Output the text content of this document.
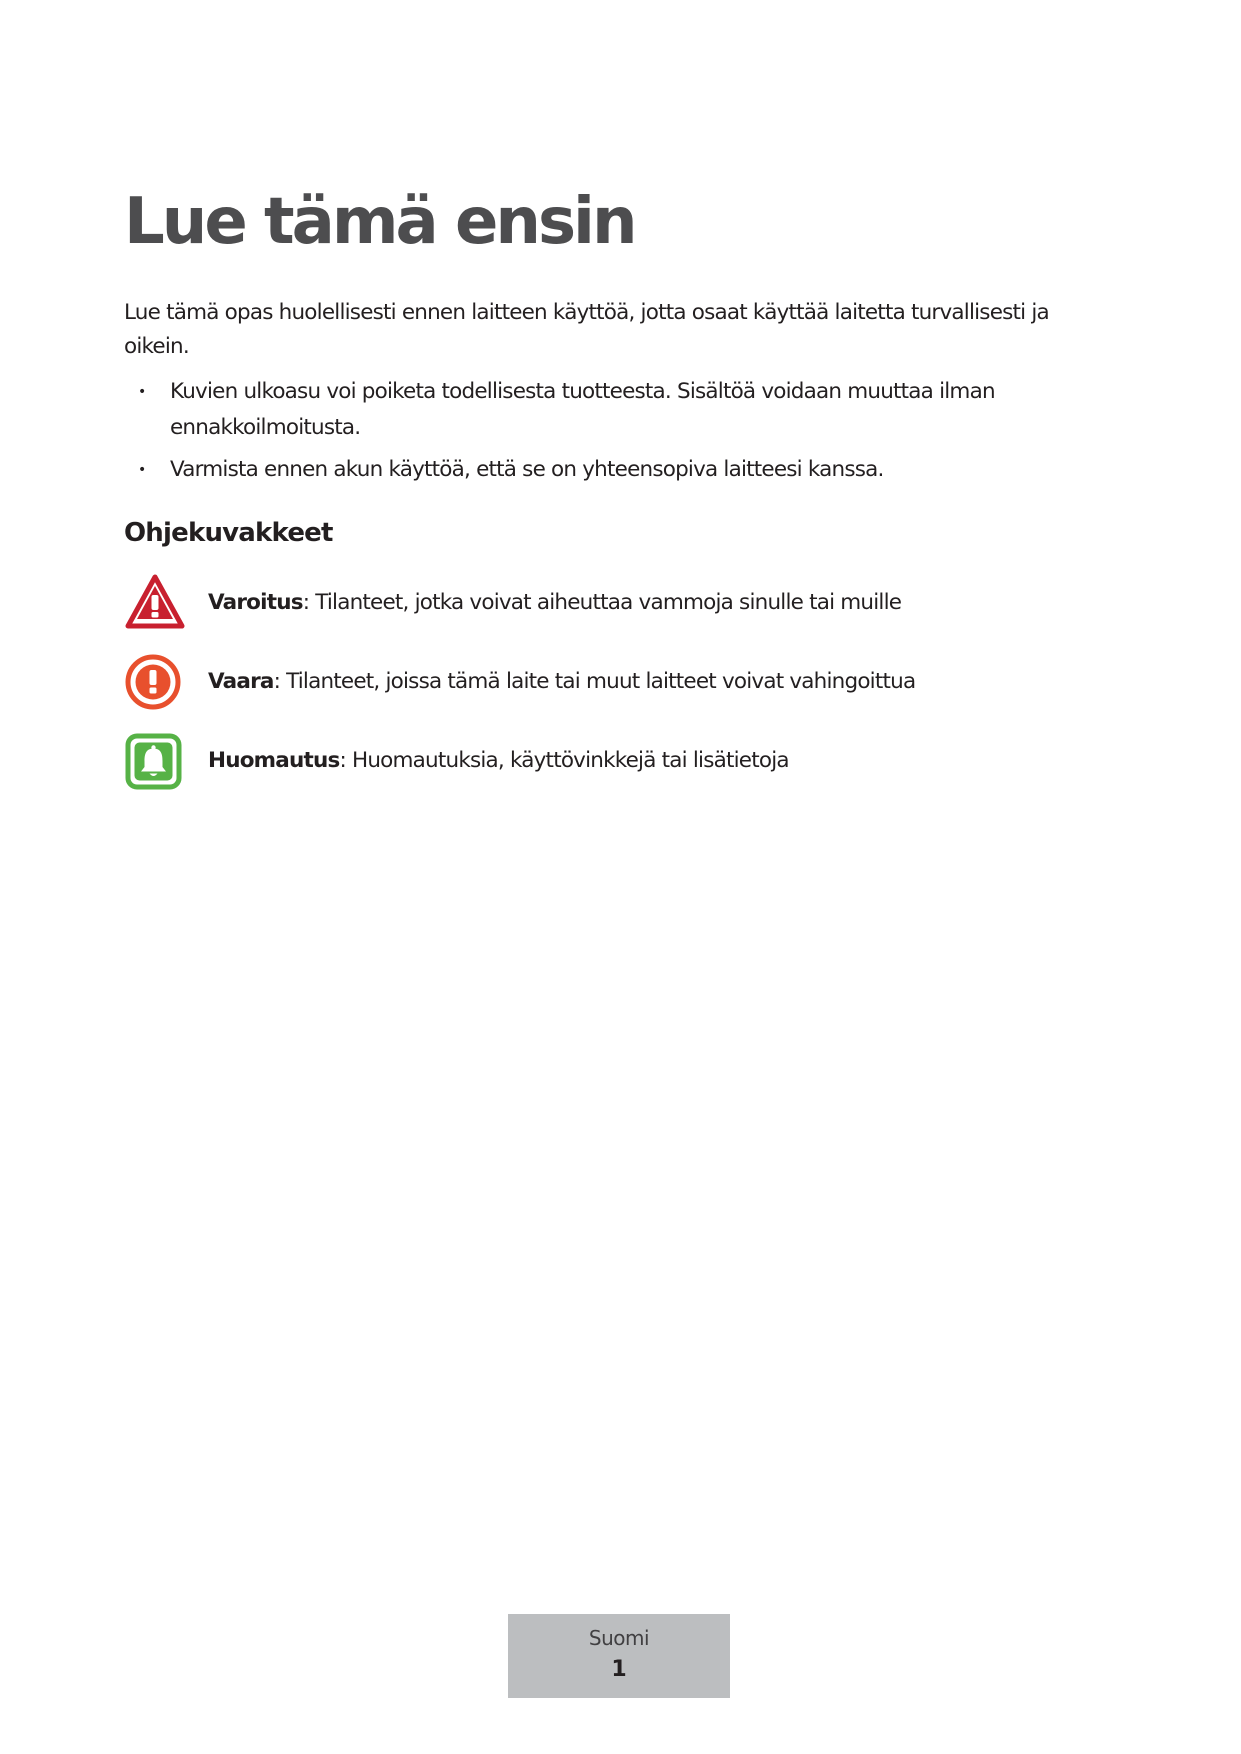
Lue tämä ensin

Lue tämä opas huolellisesti ennen laitteen käyttöä, jotta osaat käyttää laitetta turvallisesti ja oikein.

• Kuvien ulkoasu voi poiketa todellisesta tuotteesta. Sisältöä voidaan muuttaa ilman ennakkoilmoitusta.
• Varmista ennen akun käyttöä, että se on yhteensopiva laitteesi kanssa.
Ohjekuvakkeet
Varoitus: Tilanteet, jotka voivat aiheuttaa vammoja sinulle tai muille
Vaara: Tilanteet, joissa tämä laite tai muut laitteet voivat vahingoittua
Huomautus: Huomautuksia, käyttövinkkejä tai lisätietoja
Suomi
1
